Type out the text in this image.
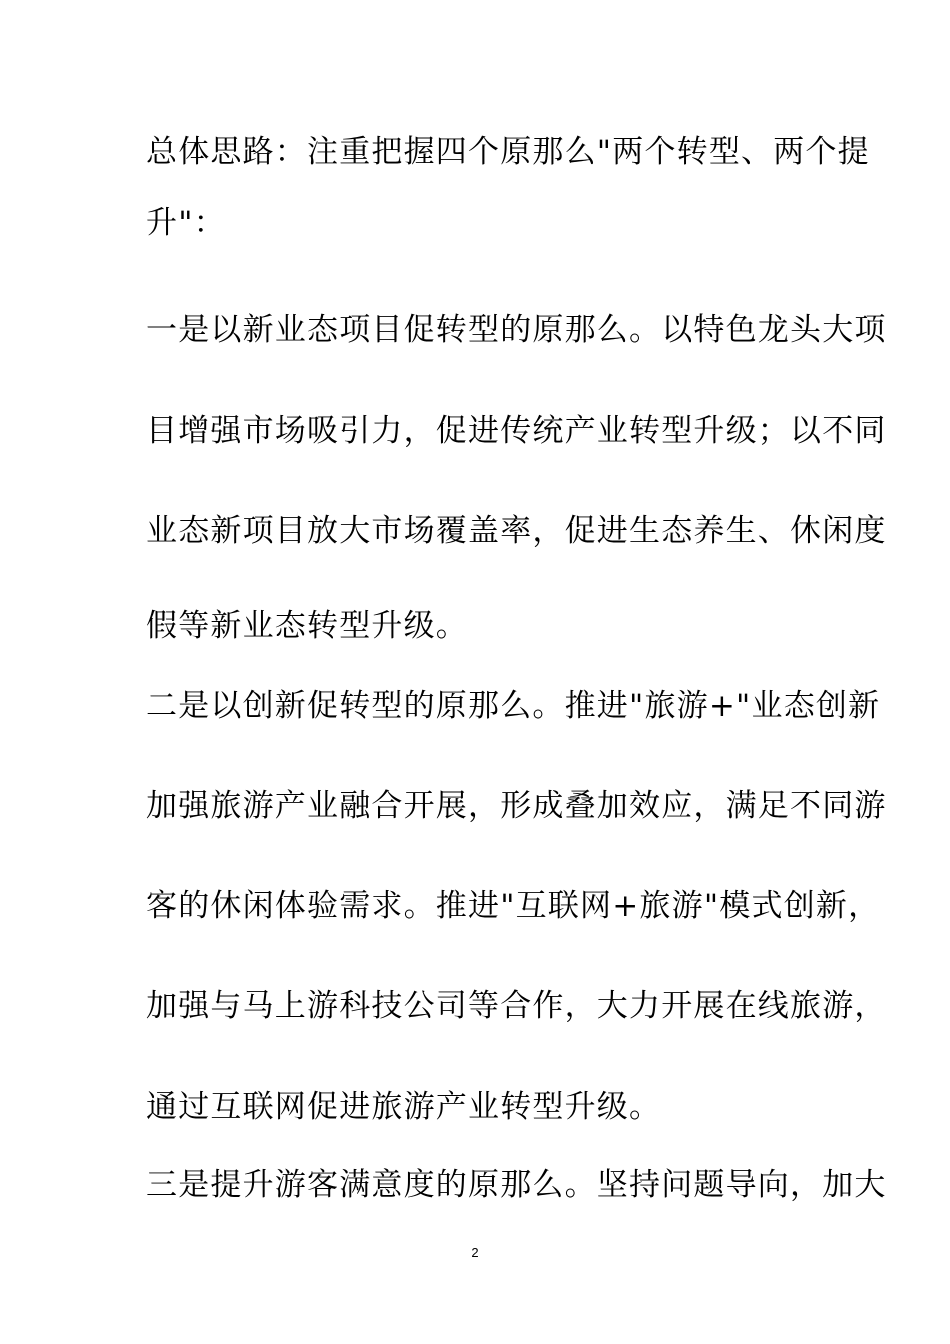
总体思路：注重把握四个原那么"两个转型、两个提
升"：
一是以新业态项目促转型的原那么。以特色龙头大项
目增强市场吸引力，促进传统产业转型升级；以不同
业态新项目放大市场覆盖率，促进生态养生、休闲度
假等新业态转型升级。
二是以创新促转型的原那么。推进"旅游+"业态创新
加强旅游产业融合开展，形成叠加效应，满足不同游
客的休闲体验需求。推进"互联网+旅游"模式创新，
加强与马上游科技公司等合作，大力开展在线旅游，
通过互联网促进旅游产业转型升级。
三是提升游客满意度的原那么。坚持问题导向，加大
2
